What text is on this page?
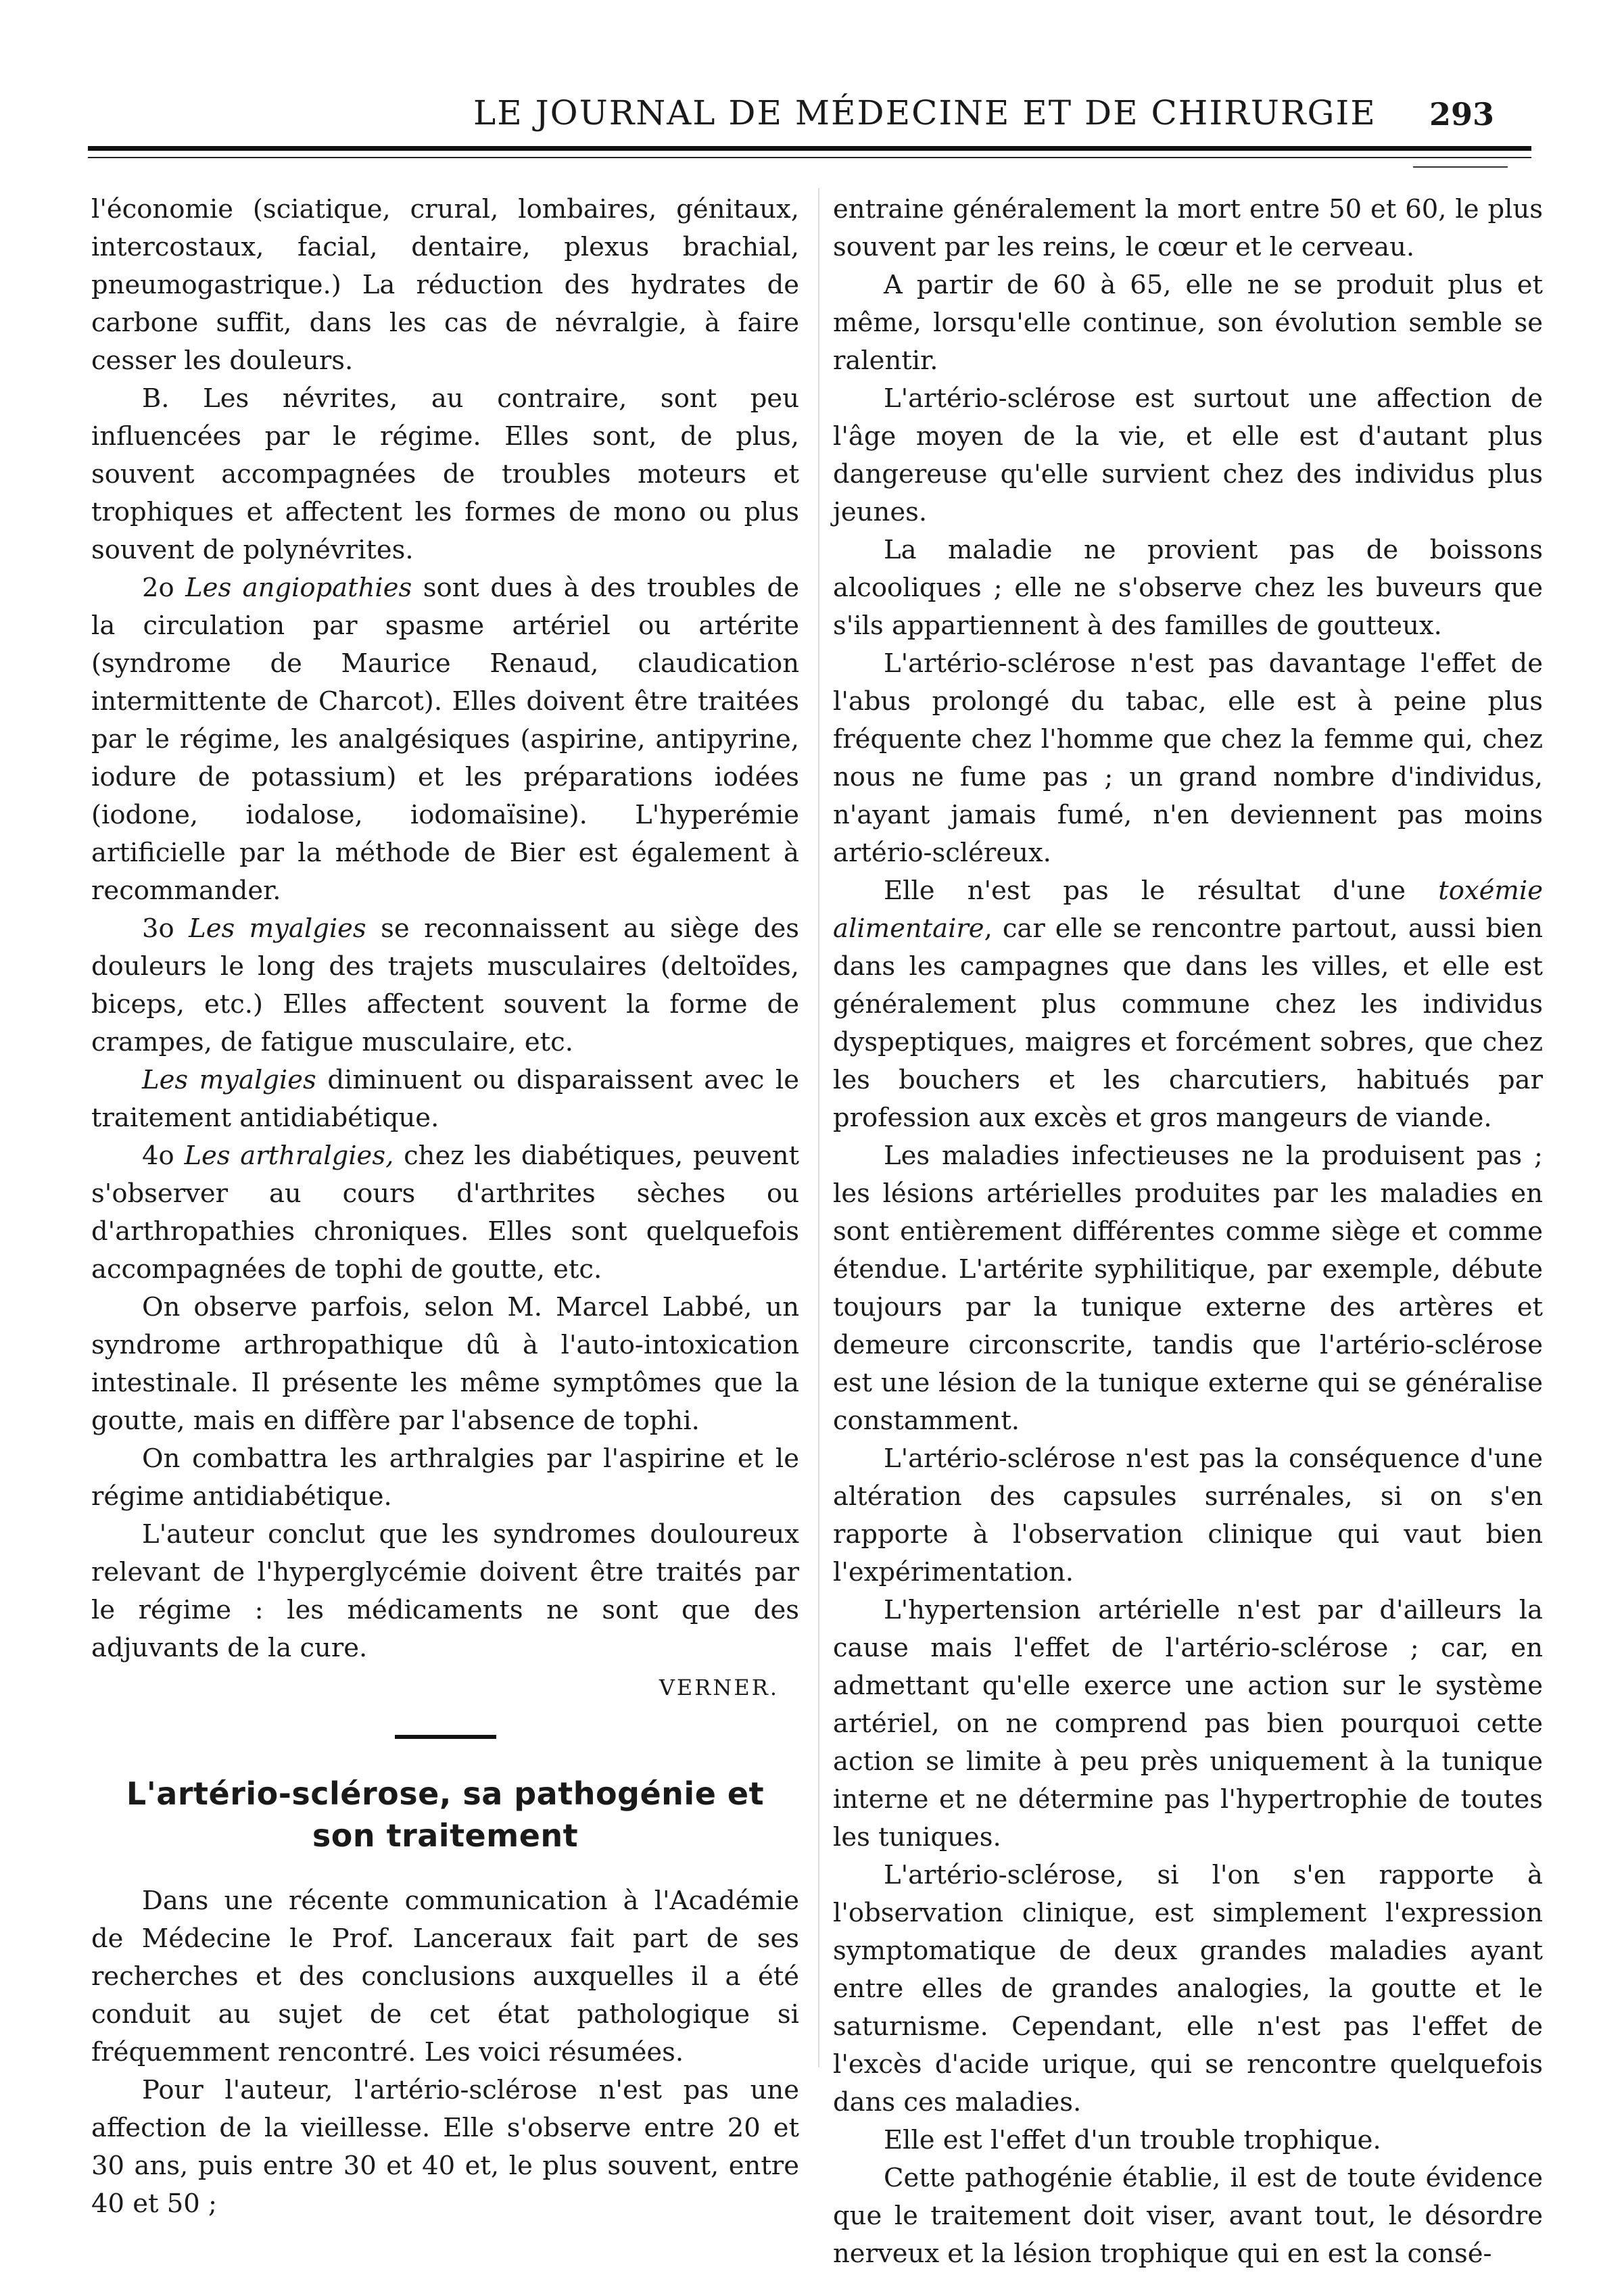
LE JOURNAL DE MÉDECINE ET DE CHIRURGIE 293

l'économie (sciatique, crural, lombaires, génitaux, intercostaux, facial, dentaire, plexus brachial, pneumogastrique.) La réduction des hydrates de carbone suffit, dans les cas de névralgie, à faire cesser les douleurs.

B. Les névrites, au contraire, sont peu influencées par le régime. Elles sont, de plus, souvent accompagnées de troubles moteurs et trophiques et affectent les formes de mono ou plus souvent de polynévrites.

2o Les angiopathies sont dues à des troubles de la circulation par spasme artériel ou artérite (syndrome de Maurice Renaud, claudication intermittente de Charcot). Elles doivent être traitées par le régime, les analgésiques (aspirine, antipyrine, iodure de potassium) et les préparations iodées (iodone, iodalose, iodomaïsine). L'hyperémie artificielle par la méthode de Bier est également à recommander.

3o Les myalgies se reconnaissent au siège des douleurs le long des trajets musculaires (deltoïdes, biceps, etc.) Elles affectent souvent la forme de crampes, de fatigue musculaire, etc.

Les myalgies diminuent ou disparaissent avec le traitement antidiabétique.

4o Les arthralgies, chez les diabétiques, peuvent s'observer au cours d'arthrites sèches ou d'arthropathies chroniques. Elles sont quelquefois accompagnées de tophi de goutte, etc.

On observe parfois, selon M. Marcel Labbé, un syndrome arthropathique dû à l'auto-intoxication intestinale. Il présente les même symptômes que la goutte, mais en diffère par l'absence de tophi.

On combattra les arthralgies par l'aspirine et le régime antidiabétique.

L'auteur conclut que les syndromes douloureux relevant de l'hyperglycémie doivent être traités par le régime : les médicaments ne sont que des adjuvants de la cure.

VERNER.
L'artério-sclérose, sa pathogénie et son traitement

Dans une récente communication à l'Académie de Médecine le Prof. Lanceraux fait part de ses recherches et des conclusions auxquelles il a été conduit au sujet de cet état pathologique si fréquemment rencontré. Les voici résumées.

Pour l'auteur, l'artério-sclérose n'est pas une affection de la vieillesse. Elle s'observe entre 20 et 30 ans, puis entre 30 et 40 et, le plus souvent, entre 40 et 50 ;

entraine généralement la mort entre 50 et 60, le plus souvent par les reins, le cœur et le cerveau.

A partir de 60 à 65, elle ne se produit plus et même, lorsqu'elle continue, son évolution semble se ralentir.

L'artério-sclérose est surtout une affection de l'âge moyen de la vie, et elle est d'autant plus dangereuse qu'elle survient chez des individus plus jeunes.

La maladie ne provient pas de boissons alcooliques ; elle ne s'observe chez les buveurs que s'ils appartiennent à des familles de goutteux.

L'artério-sclérose n'est pas davantage l'effet de l'abus prolongé du tabac, elle est à peine plus fréquente chez l'homme que chez la femme qui, chez nous ne fume pas ; un grand nombre d'individus, n'ayant jamais fumé, n'en deviennent pas moins artério-scléreux.

Elle n'est pas le résultat d'une toxémie alimentaire, car elle se rencontre partout, aussi bien dans les campagnes que dans les villes, et elle est généralement plus commune chez les individus dyspeptiques, maigres et forcément sobres, que chez les bouchers et les charcutiers, habitués par profession aux excès et gros mangeurs de viande.

Les maladies infectieuses ne la produisent pas ; les lésions artérielles produites par les maladies en sont entièrement différentes comme siège et comme étendue. L'artérite syphilitique, par exemple, débute toujours par la tunique externe des artères et demeure circonscrite, tandis que l'artério-sclérose est une lésion de la tunique externe qui se généralise constamment.

L'artério-sclérose n'est pas la conséquence d'une altération des capsules surrénales, si on s'en rapporte à l'observation clinique qui vaut bien l'expérimentation.

L'hypertension artérielle n'est par d'ailleurs la cause mais l'effet de l'artério-sclérose ; car, en admettant qu'elle exerce une action sur le système artériel, on ne comprend pas bien pourquoi cette action se limite à peu près uniquement à la tunique interne et ne détermine pas l'hypertrophie de toutes les tuniques.

L'artério-sclérose, si l'on s'en rapporte à l'observation clinique, est simplement l'expression symptomatique de deux grandes maladies ayant entre elles de grandes analogies, la goutte et le saturnisme. Cependant, elle n'est pas l'effet de l'excès d'acide urique, qui se rencontre quelquefois dans ces maladies.

Elle est l'effet d'un trouble trophique.

Cette pathogénie établie, il est de toute évidence que le traitement doit viser, avant tout, le désordre nerveux et la lésion trophique qui en est la consé-
